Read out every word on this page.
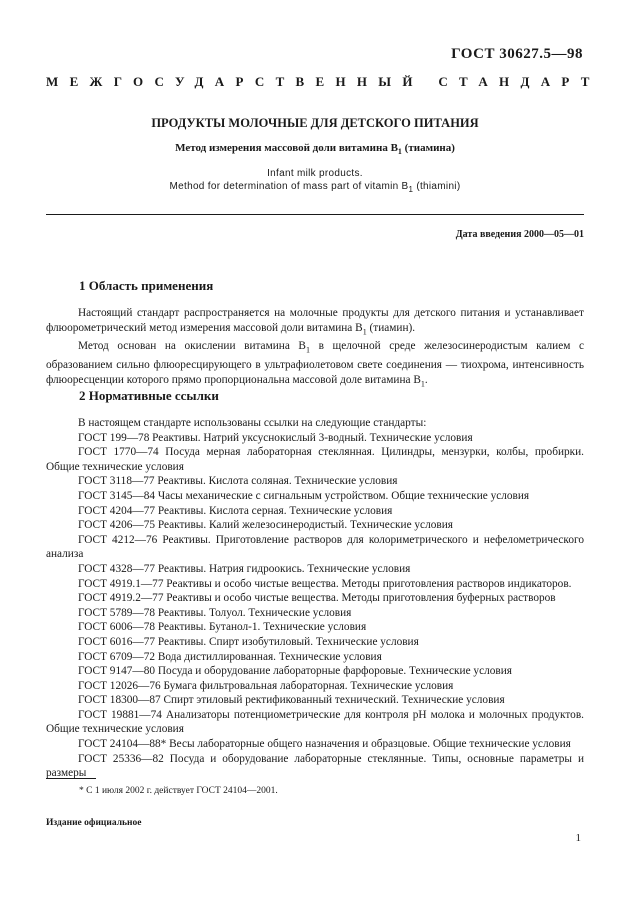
ГОСТ 30627.5—98
МЕЖГОСУДАРСТВЕННЫЙ СТАНДАРТ
ПРОДУКТЫ МОЛОЧНЫЕ ДЛЯ ДЕТСКОГО ПИТАНИЯ
Метод измерения массовой доли витамина $B_1$ (тиамина)
Infant milk products.
Method for determination of mass part of vitamin $B_1$ (thiamini)
Дата введения 2000—05—01
1 Область применения

Настоящий стандарт распространяется на молочные продукты для детского питания и устанавливает флюорометрический метод измерения массовой доли витамина $B_1$ (тиамин).

Метод основан на окислении витамина $B_1$ в щелочной среде железосинеродистым калием с образованием сильно флюоресцирующего в ультрафиолетовом свете соединения — тиохрома, интенсивность флюоресценции которого прямо пропорциональна массовой доле витамина $B_1$.

2 Нормативные ссылки

В настоящем стандарте использованы ссылки на следующие стандарты:

ГОСТ 199—78 Реактивы. Натрий уксуснокислый 3-водный. Технические условия

ГОСТ 1770—74 Посуда мерная лабораторная стеклянная. Цилиндры, мензурки, колбы, пробирки. Общие технические условия

ГОСТ 3118—77 Реактивы. Кислота соляная. Технические условия

ГОСТ 3145—84 Часы механические с сигнальным устройством. Общие технические условия

ГОСТ 4204—77 Реактивы. Кислота серная. Технические условия

ГОСТ 4206—75 Реактивы. Калий железосинеродистый. Технические условия

ГОСТ 4212—76 Реактивы. Приготовление растворов для колориметрического и нефелометрического анализа

ГОСТ 4328—77 Реактивы. Натрия гидроокись. Технические условия

ГОСТ 4919.1—77 Реактивы и особо чистые вещества. Методы приготовления растворов индикаторов.

ГОСТ 4919.2—77 Реактивы и особо чистые вещества. Методы приготовления буферных растворов

ГОСТ 5789—78 Реактивы. Толуол. Технические условия

ГОСТ 6006—78 Реактивы. Бутанол-1. Технические условия

ГОСТ 6016—77 Реактивы. Спирт изобутиловый. Технические условия

ГОСТ 6709—72 Вода дистиллированная. Технические условия

ГОСТ 9147—80 Посуда и оборудование лабораторные фарфоровые. Технические условия

ГОСТ 12026—76 Бумага фильтровальная лабораторная. Технические условия

ГОСТ 18300—87 Спирт этиловый ректификованный технический. Технические условия

ГОСТ 19881—74 Анализаторы потенциометрические для контроля pH молока и молочных продуктов. Общие технические условия

ГОСТ 24104—88* Весы лабораторные общего назначения и образцовые. Общие технические условия

ГОСТ 25336—82 Посуда и оборудование лабораторные стеклянные. Типы, основные параметры и размеры

* С 1 июля 2002 г. действует ГОСТ 24104—2001.
Издание официальное
1
